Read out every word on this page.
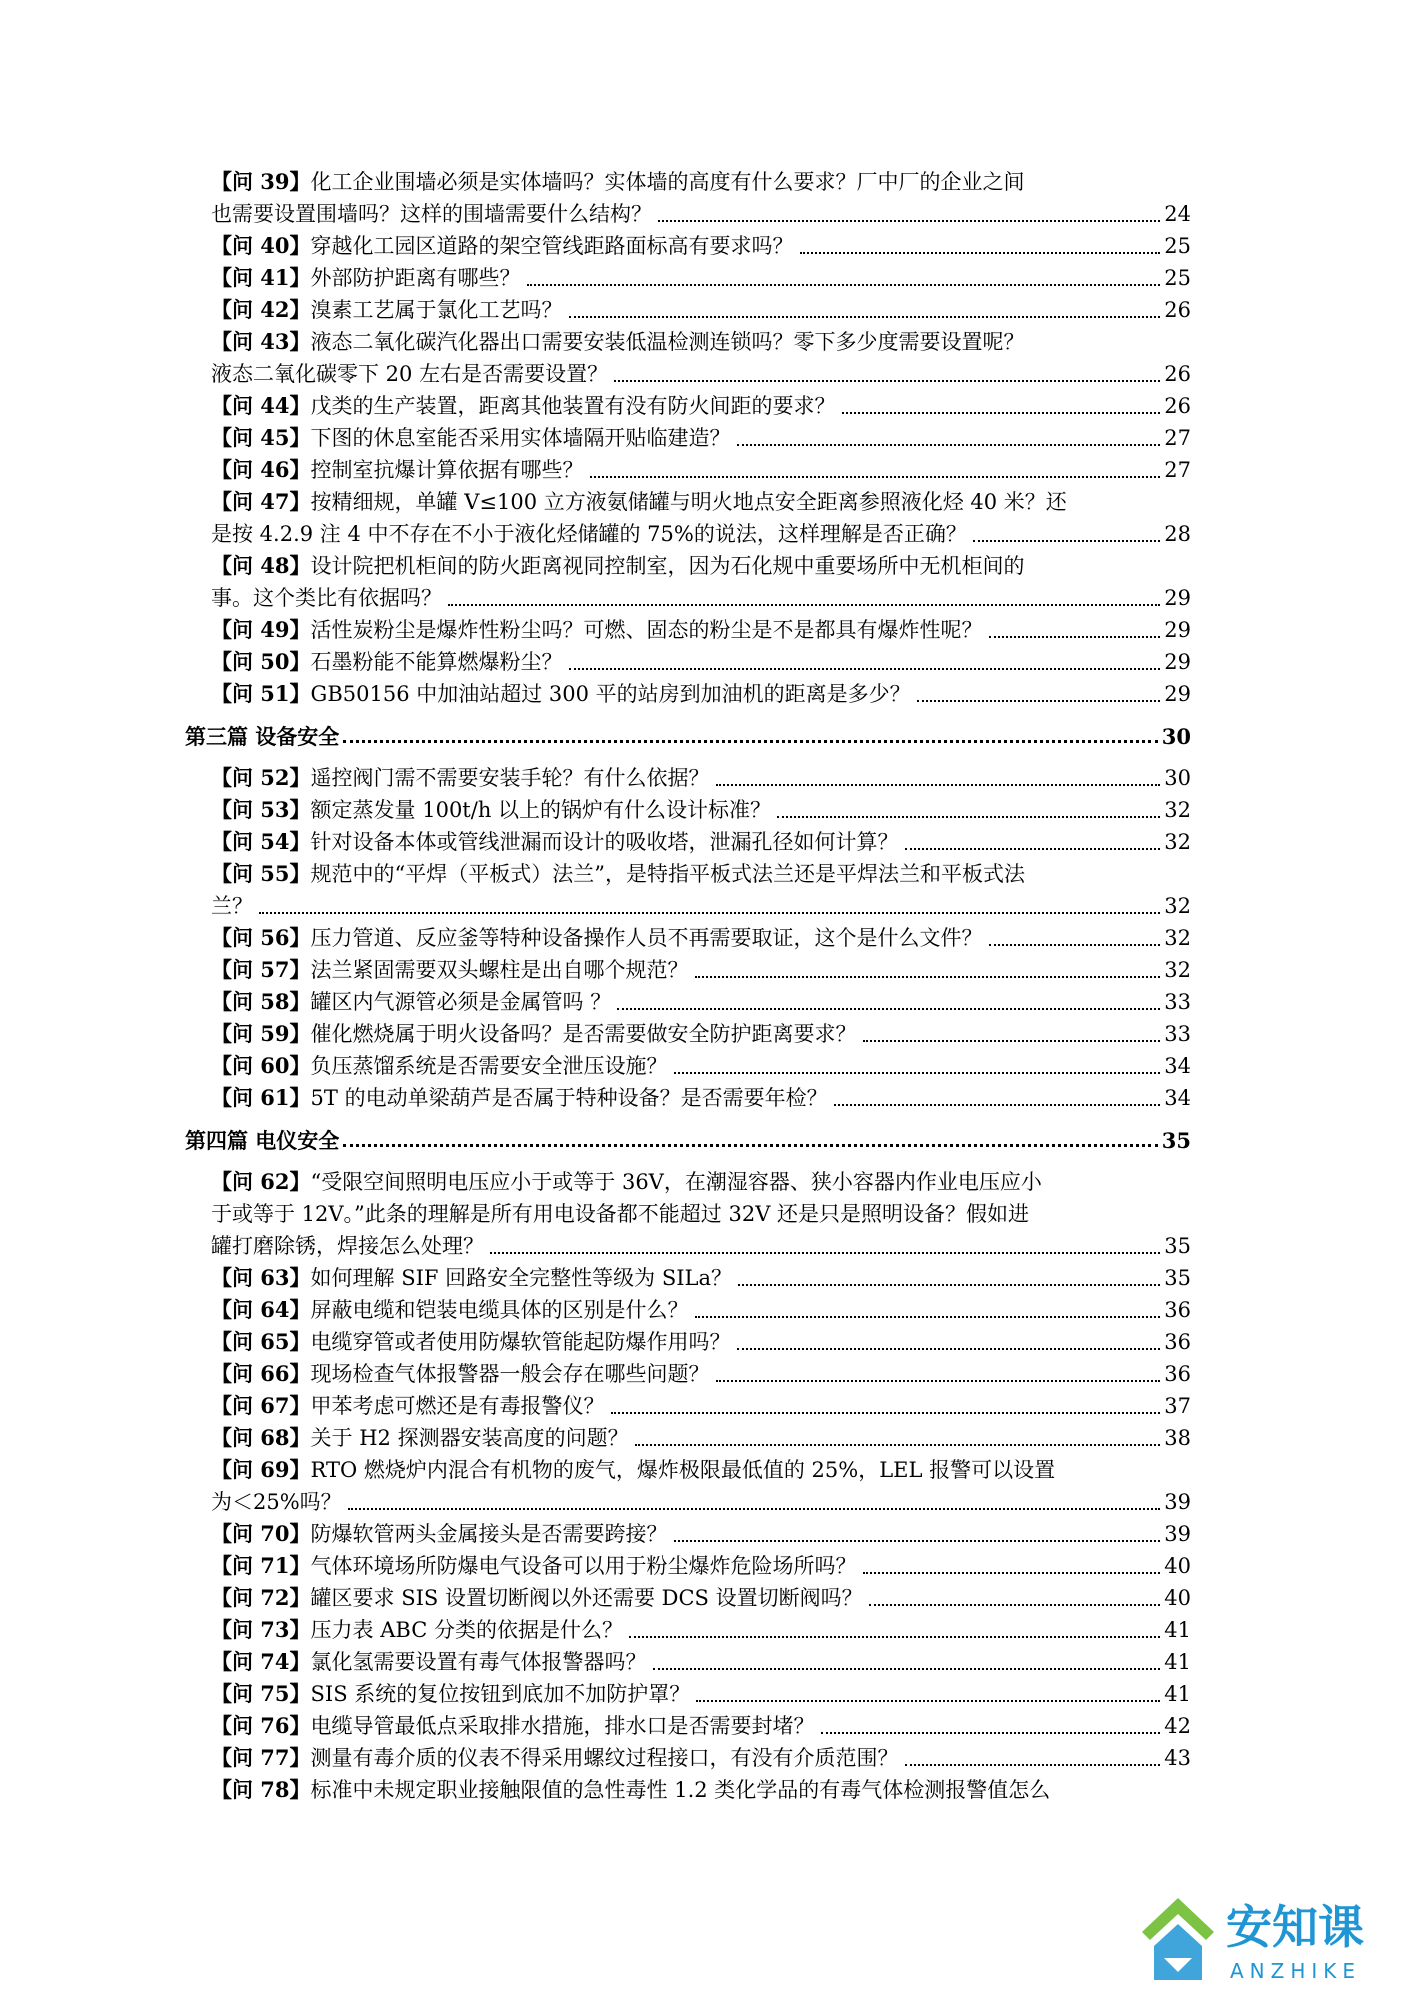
【问 39】化工企业围墙必须是实体墙吗？实体墙的高度有什么要求？厂中厂的企业之间
也需要设置围墙吗？这样的围墙需要什么结构？	24
【问 40】穿越化工园区道路的架空管线距路面标高有要求吗？	25
【问 41】外部防护距离有哪些？	25
【问 42】溴素工艺属于氯化工艺吗？	26
【问 43】液态二氧化碳汽化器出口需要安装低温检测连锁吗？零下多少度需要设置呢？
液态二氧化碳零下 20 左右是否需要设置？	26
【问 44】戊类的生产装置，距离其他装置有没有防火间距的要求？	26
【问 45】下图的休息室能否采用实体墙隔开贴临建造？	27
【问 46】控制室抗爆计算依据有哪些？	27
【问 47】按精细规，单罐 V≤100 立方液氨储罐与明火地点安全距离参照液化烃 40 米？还
是按 4.2.9 注 4 中不存在不小于液化烃储罐的 75%的说法，这样理解是否正确？	28
【问 48】设计院把机柜间的防火距离视同控制室，因为石化规中重要场所中无机柜间的
事。这个类比有依据吗？	29
【问 49】活性炭粉尘是爆炸性粉尘吗？可燃、固态的粉尘是不是都具有爆炸性呢？	29
【问 50】石墨粉能不能算燃爆粉尘？	29
【问 51】GB50156 中加油站超过 300 平的站房到加油机的距离是多少？	29
第三篇 设备安全	30
【问 52】遥控阀门需不需要安装手轮？有什么依据？	30
【问 53】额定蒸发量 100t/h 以上的锅炉有什么设计标准？	32
【问 54】针对设备本体或管线泄漏而设计的吸收塔，泄漏孔径如何计算？	32
【问 55】规范中的“平焊（平板式）法兰”，是特指平板式法兰还是平焊法兰和平板式法
兰？	32
【问 56】压力管道、反应釜等特种设备操作人员不再需要取证，这个是什么文件？	32
【问 57】法兰紧固需要双头螺柱是出自哪个规范？	32
【问 58】罐区内气源管必须是金属管吗 ？	33
【问 59】催化燃烧属于明火设备吗？是否需要做安全防护距离要求？	33
【问 60】负压蒸馏系统是否需要安全泄压设施？	34
【问 61】5T 的电动单梁葫芦是否属于特种设备？是否需要年检？	34
第四篇 电仪安全	35
【问 62】“受限空间照明电压应小于或等于 36V，在潮湿容器、狭小容器内作业电压应小
于或等于 12V。”此条的理解是所有用电设备都不能超过 32V 还是只是照明设备？假如进
罐打磨除锈，焊接怎么处理？	35
【问 63】如何理解 SIF 回路安全完整性等级为 SILa？	35
【问 64】屏蔽电缆和铠装电缆具体的区别是什么？	36
【问 65】电缆穿管或者使用防爆软管能起防爆作用吗？	36
【问 66】现场检查气体报警器一般会存在哪些问题？	36
【问 67】甲苯考虑可燃还是有毒报警仪？	37
【问 68】关于 H2 探测器安装高度的问题？	38
【问 69】RTO 燃烧炉内混合有机物的废气，爆炸极限最低值的 25%，LEL 报警可以设置
为＜25%吗？	39
【问 70】防爆软管两头金属接头是否需要跨接？	39
【问 71】气体环境场所防爆电气设备可以用于粉尘爆炸危险场所吗？	40
【问 72】罐区要求 SIS 设置切断阀以外还需要 DCS 设置切断阀吗？	40
【问 73】压力表 ABC 分类的依据是什么？	41
【问 74】氯化氢需要设置有毒气体报警器吗？	41
【问 75】SIS 系统的复位按钮到底加不加防护罩？	41
【问 76】电缆导管最低点采取排水措施，排水口是否需要封堵？	42
【问 77】测量有毒介质的仪表不得采用螺纹过程接口，有没有介质范围？	43
【问 78】标准中未规定职业接触限值的急性毒性 1.2 类化学品的有毒气体检测报警值怎么
安知课
ANZHIKE
